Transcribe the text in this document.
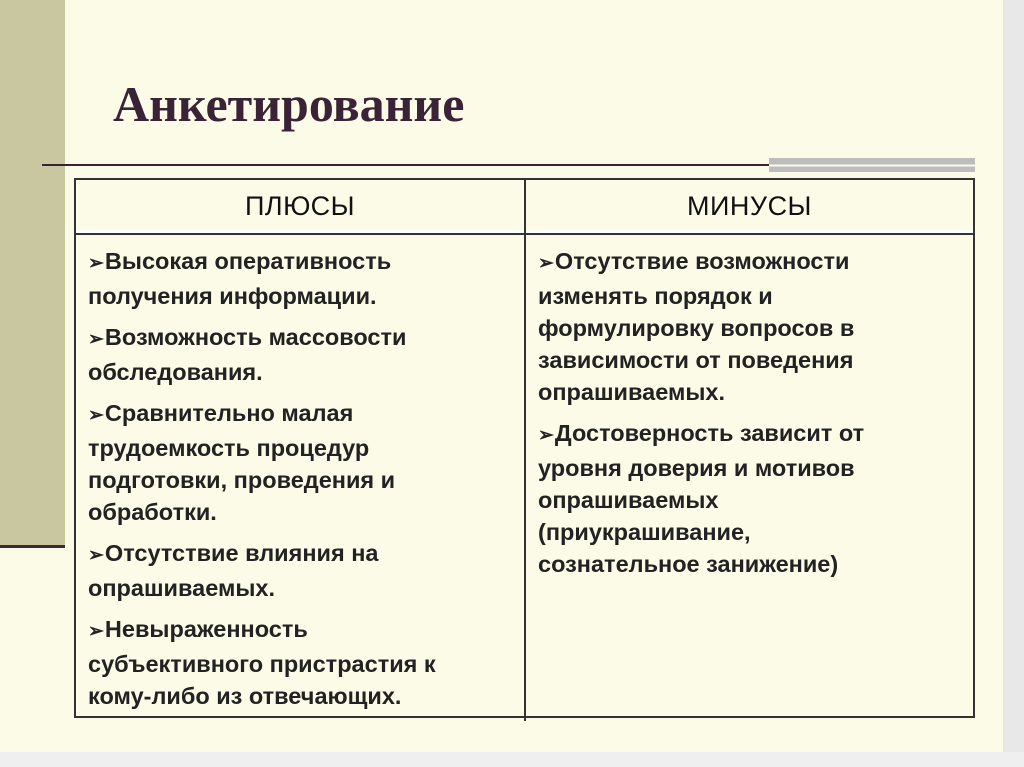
Анкетирование
ПЛЮСЫ	МИНУСЫ
➢Высокая оперативность
получения информации.
➢Возможность массовости
обследования.
➢Сравнительно малая
трудоемкость процедур
подготовки, проведения и
обработки.
➢Отсутствие влияния на
опрашиваемых.
➢Невыраженность
субъективного пристрастия к
кому-либо из отвечающих.
➢Отсутствие возможности
изменять порядок и
формулировку вопросов в
зависимости от поведения
опрашиваемых.
➢Достоверность зависит от
уровня доверия и мотивов
опрашиваемых
(приукрашивание,
сознательное занижение)
